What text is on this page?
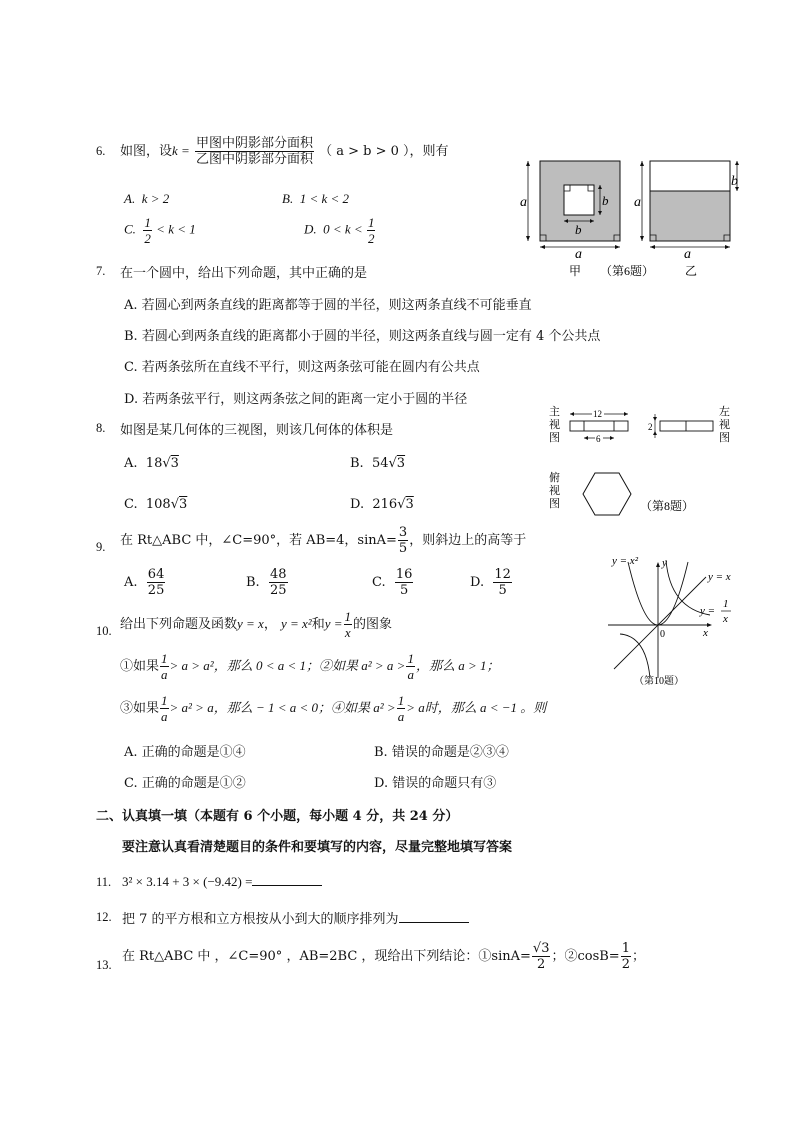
6. 如图，设$k = \frac{\text{甲图中阴影部分面积}}{\text{乙图中阴影部分面积}}$ （ a > b > 0 ），则有
A. k > 2	B. 1 < k < 2
C. $\frac{1}{2} < k < 1$	D. $0 < k < \frac{1}{2}$
a
a
b
b a
a
b
甲 （第6题）	乙
7. 在一个圆中，给出下列命题，其中正确的是
A. 若圆心到两条直线的距离都等于圆的半径，则这两条直线不可能垂直
B. 若圆心到两条直线的距离都小于圆的半径，则这两条直线与圆一定有 4 个公共点
C. 若两条弦所在直线不平行，则这两条弦可能在圆内有公共点
D. 若两条弦平行，则这两条弦之间的距离一定小于圆的半径
8. 如图是某几何体的三视图，则该几何体的体积是
A. 18√3	B. 54√3
C. 108√3	D. 216√3
主
视
图
左
视
图
俯
视
图
12
6
2
（第8题）
9. 在 Rt△ABC 中，∠C=90°，若 AB=4，$\sin A= \frac{3}{5}$ ，则斜边上的高等于
A. $\frac{64}{25}$	B. $\frac{48}{25}$	C. $\frac{16}{5}$	D. $\frac{12}{5}$
y = x² y
y = x
y =
1
x
x
0
（第10题）
10. 给出下列命题及函数y = x， y = x²和$y = \frac{1}{x}$ 的图象
①如果 $\frac{1}{a} > a > a^2$，那么 0 < a < 1；②如果 $a^2 > a > \frac{1}{a}$ ，那么 a > 1；
③如果 $\frac{1}{a} > a^2 > a$，那么 − 1 < a < 0；④如果 $a^2 > \frac{1}{a} > a$时，那么 a < −1 。则
A. 正确的命题是①④	B. 错误的命题是②③④
C. 正确的命题是①②	D. 错误的命题只有③
二、认真填一填（本题有 6 个小题，每小题 4 分，共 24 分）
要注意认真看清楚题目的条件和要填写的内容，尽量完整地填写答案
11. 3² × 3.14 + 3 × (−9.42) =
12. 把 7 的平方根和立方根按从小到大的顺序排列为
13.
在 Rt△ABC 中 ，∠C=90° ，AB=2BC ，现给出下列结论：①sinA= $\frac{√3}{2}$ ；②cosB= $\frac{1}{2}$ ；
